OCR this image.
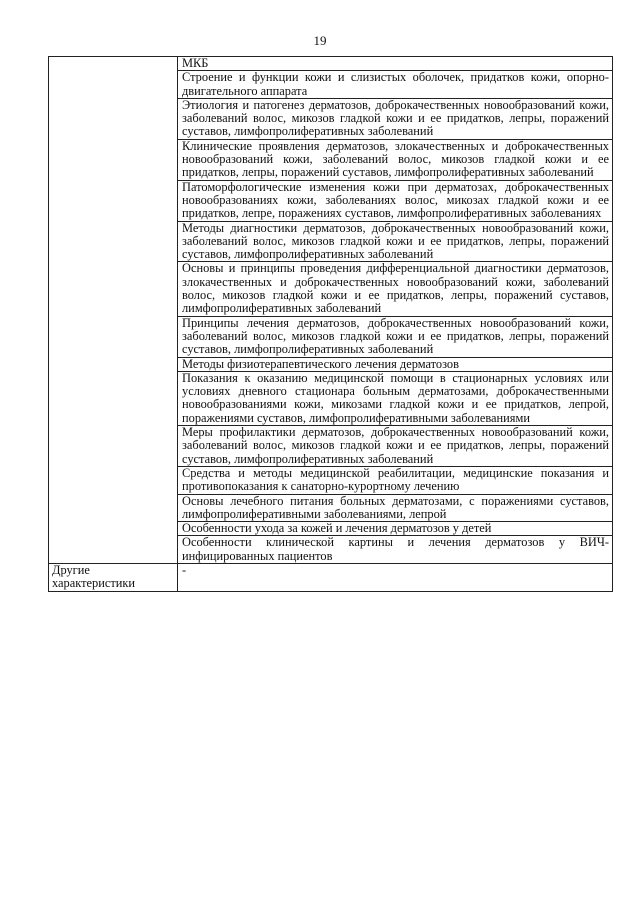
19
	МКБ
	Строение и функции кожи и слизистых оболочек, придатков кожи, опорно-двигательного аппарата
	Этиология и патогенез дерматозов, доброкачественных новообразований кожи, заболеваний волос, микозов гладкой кожи и ее придатков, лепры, поражений суставов, лимфопролиферативных заболеваний
	Клинические проявления дерматозов, злокачественных и доброкачественных новообразований кожи, заболеваний волос, микозов гладкой кожи и ее придатков, лепры, поражений суставов, лимфопролиферативных заболеваний
	Патоморфологические изменения кожи при дерматозах, доброкачественных новообразованиях кожи, заболеваниях волос, микозах гладкой кожи и ее придатков, лепре, поражениях суставов, лимфопролиферативных заболеваниях
	Методы диагностики дерматозов, доброкачественных новообразований кожи, заболеваний волос, микозов гладкой кожи и ее придатков, лепры, поражений суставов, лимфопролиферативных заболеваний
	Основы и принципы проведения дифференциальной диагностики дерматозов, злокачественных и доброкачественных новообразований кожи, заболеваний волос, микозов гладкой кожи и ее придатков, лепры, поражений суставов, лимфопролиферативных заболеваний
	Принципы лечения дерматозов, доброкачественных новообразований кожи, заболеваний волос, микозов гладкой кожи и ее придатков, лепры, поражений суставов, лимфопролиферативных заболеваний
	Методы физиотерапевтического лечения дерматозов
	Показания к оказанию медицинской помощи в стационарных условиях или условиях дневного стационара больным дерматозами, доброкачественными новообразованиями кожи, микозами гладкой кожи и ее придатков, лепрой, поражениями суставов, лимфопролиферативными заболеваниями
	Меры профилактики дерматозов, доброкачественных новообразований кожи, заболеваний волос, микозов гладкой кожи и ее придатков, лепры, поражений суставов, лимфопролиферативных заболеваний
	Средства и методы медицинской реабилитации, медицинские показания и противопоказания к санаторно-курортному лечению
	Основы лечебного питания больных дерматозами, с поражениями суставов, лимфопролиферативными заболеваниями, лепрой
	Особенности ухода за кожей и лечения дерматозов у детей
	Особенности клинической картины и лечения дерматозов у ВИЧ-инфицированных пациентов
Другие характеристики	-
